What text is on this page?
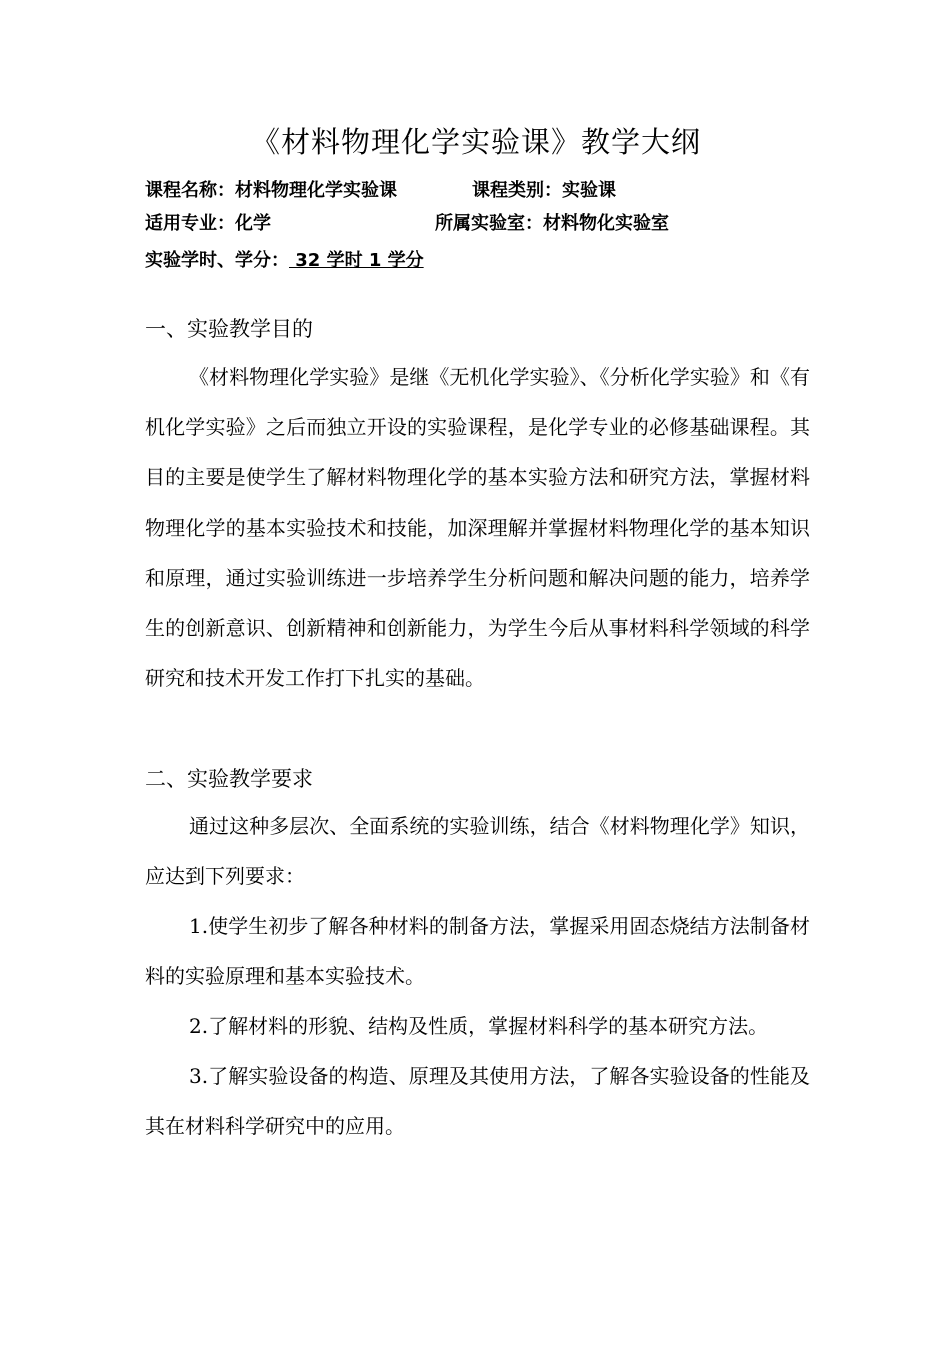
《材料物理化学实验课》教学大纲
课程名称：材料物理化学实验课	课程类别：实验课
适用专业：化学	所属实验室：材料物化实验室
实验学时、学分： 32 学时 1 学分
一、实验教学目的

《材料物理化学实验》是继《无机化学实验》、《分析化学实验》和《有机化学实验》之后而独立开设的实验课程，是化学专业的必修基础课程。其目的主要是使学生了解材料物理化学的基本实验方法和研究方法，掌握材料物理化学的基本实验技术和技能，加深理解并掌握材料物理化学的基本知识和原理，通过实验训练进一步培养学生分析问题和解决问题的能力，培养学生的创新意识、创新精神和创新能力，为学生今后从事材料科学领域的科学研究和技术开发工作打下扎实的基础。

二、实验教学要求

通过这种多层次、全面系统的实验训练，结合《材料物理化学》知识，应达到下列要求：

1.使学生初步了解各种材料的制备方法，掌握采用固态烧结方法制备材料的实验原理和基本实验技术。

2.了解材料的形貌、结构及性质，掌握材料科学的基本研究方法。

3.了解实验设备的构造、原理及其使用方法，了解各实验设备的性能及其在材料科学研究中的应用。
